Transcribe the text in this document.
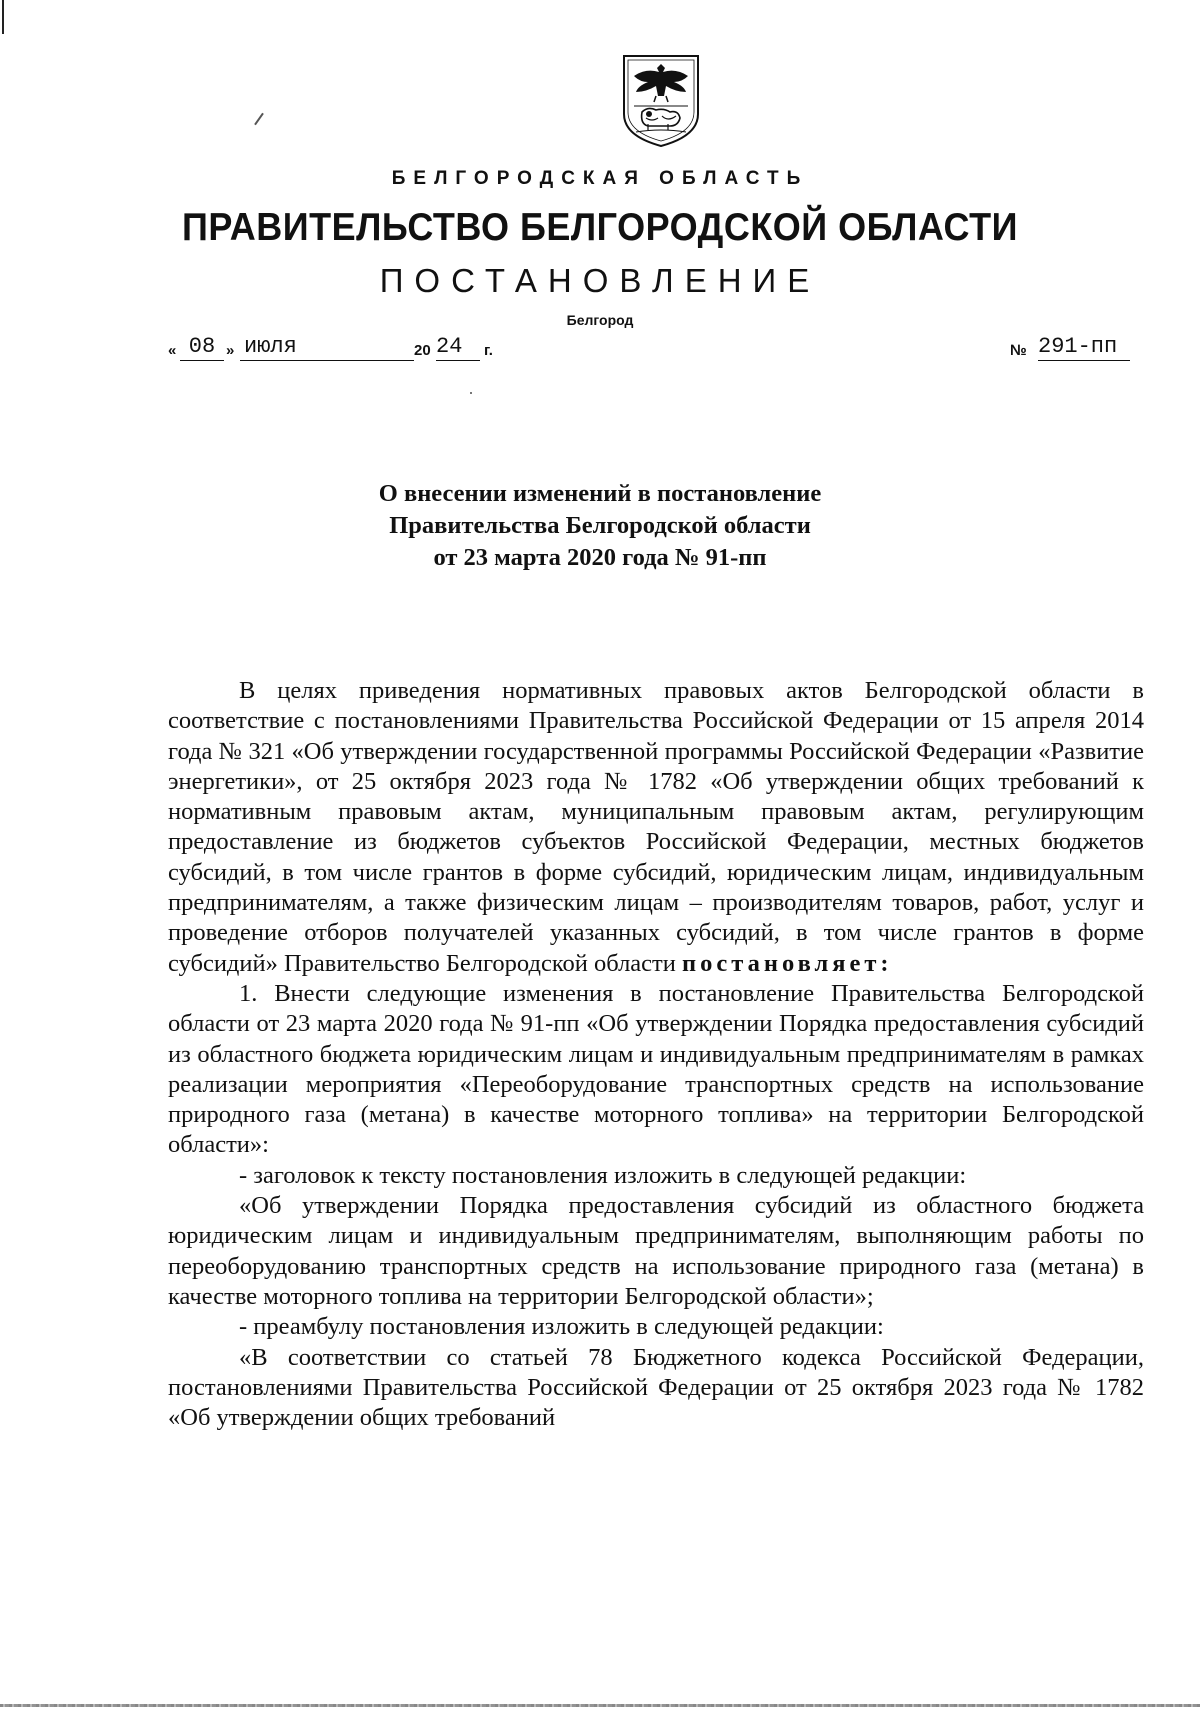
БЕЛГОРОДСКАЯ ОБЛАСТЬ
ПРАВИТЕЛЬСТВО БЕЛГОРОДСКОЙ ОБЛАСТИ
ПОСТАНОВЛЕНИЕ
Белгород
« 08 » июля	20 24	г.	№ 291-пп
О внесении изменений в постановление
Правительства Белгородской области
от 23 марта 2020 года № 91-пп

В целях приведения нормативных правовых актов Белгородской области в соответствие с постановлениями Правительства Российской Федерации от 15 апреля 2014 года № 321 «Об утверждении государственной программы Российской Федерации «Развитие энергетики», от 25 октября 2023 года № 1782 «Об утверждении общих требований к нормативным правовым актам, муниципальным правовым актам, регулирующим предоставление из бюджетов субъектов Российской Федерации, местных бюджетов субсидий, в том числе грантов в форме субсидий, юридическим лицам, индивидуальным предпринимателям, а также физическим лицам – производителям товаров, работ, услуг и проведение отборов получателей указанных субсидий, в том числе грантов в форме субсидий» Правительство Белгородской области постановляет:

1. Внести следующие изменения в постановление Правительства Белгородской области от 23 марта 2020 года № 91-пп «Об утверждении Порядка предоставления субсидий из областного бюджета юридическим лицам и индивидуальным предпринимателям в рамках реализации мероприятия «Переоборудование транспортных средств на использование природного газа (метана) в качестве моторного топлива» на территории Белгородской области»:

- заголовок к тексту постановления изложить в следующей редакции:

«Об утверждении Порядка предоставления субсидий из областного бюджета юридическим лицам и индивидуальным предпринимателям, выполняющим работы по переоборудованию транспортных средств на использование природного газа (метана) в качестве моторного топлива на территории Белгородской области»;

- преамбулу постановления изложить в следующей редакции:

«В соответствии со статьей 78 Бюджетного кодекса Российской Федерации, постановлениями Правительства Российской Федерации от 25 октября 2023 года № 1782 «Об утверждении общих требований
